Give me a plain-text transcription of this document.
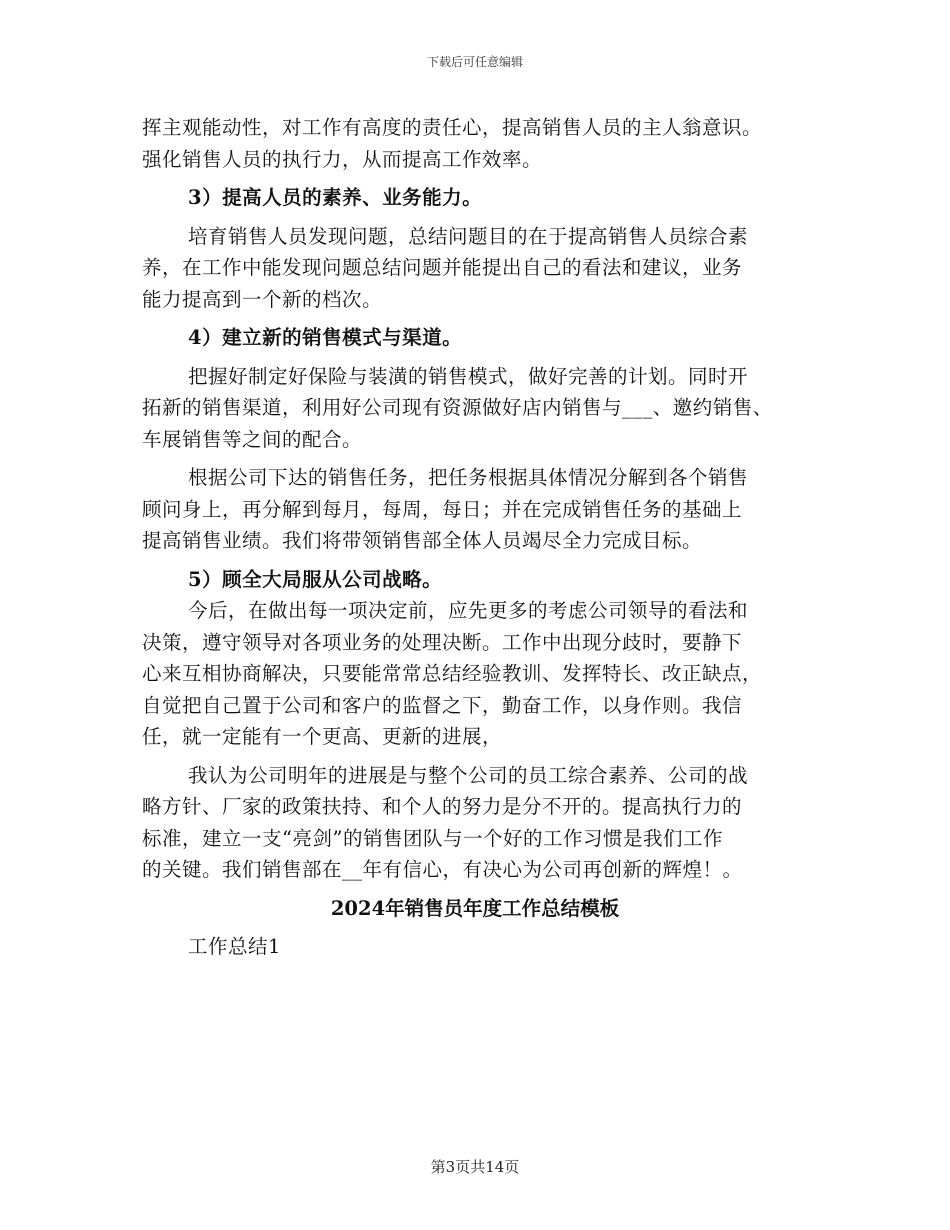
下载后可任意编辑
挥主观能动性，对工作有高度的责任心，提高销售人员的主人翁意识。
强化销售人员的执行力，从而提高工作效率。
3）提高人员的素养、业务能力。
培育销售人员发现问题，总结问题目的在于提高销售人员综合素
养，在工作中能发现问题总结问题并能提出自己的看法和建议，业务
能力提高到一个新的档次。
4）建立新的销售模式与渠道。
把握好制定好保险与装潢的销售模式，做好完善的计划。同时开
拓新的销售渠道，利用好公司现有资源做好店内销售与___、邀约销售、
车展销售等之间的配合。
根据公司下达的销售任务，把任务根据具体情况分解到各个销售
顾问身上，再分解到每月，每周，每日；并在完成销售任务的基础上
提高销售业绩。我们将带领销售部全体人员竭尽全力完成目标。
5）顾全大局服从公司战略。
今后，在做出每一项决定前，应先更多的考虑公司领导的看法和
决策，遵守领导对各项业务的处理决断。工作中出现分歧时，要静下
心来互相协商解决，只要能常常总结经验教训、发挥特长、改正缺点，
自觉把自己置于公司和客户的监督之下，勤奋工作，以身作则。我信
任，就一定能有一个更高、更新的进展，
我认为公司明年的进展是与整个公司的员工综合素养、公司的战
略方针、厂家的政策扶持、和个人的努力是分不开的。提高执行力的
标准，建立一支“亮剑”的销售团队与一个好的工作习惯是我们工作
的关键。我们销售部在__年有信心，有决心为公司再创新的辉煌！。
2024年销售员年度工作总结模板
工作总结1
第3页共14页
